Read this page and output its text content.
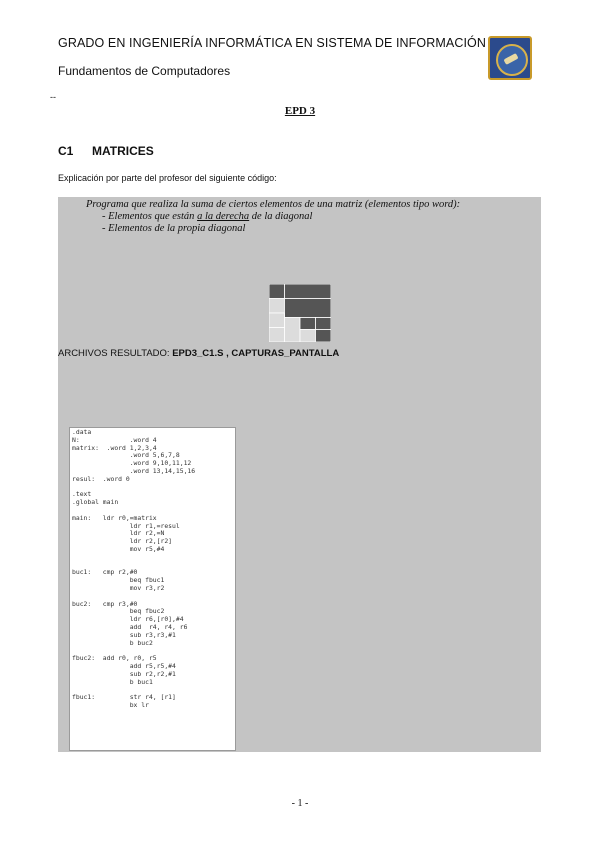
GRADO EN INGENIERÍA INFORMÁTICA EN SISTEMA DE INFORMACIÓN
Fundamentos de Computadores
--
EPD 3
C1 MATRICES
Explicación por parte del profesor del siguiente código:
Programa que realiza la suma de ciertos elementos de una matriz (elementos tipo word):
- Elementos que están a la derecha de la diagonal
- Elementos de la propia diagonal
ARCHIVOS RESULTADO: EPD3_C1.S , CAPTURAS_PANTALLA
.data
N:             .word 4
matrix:  .word 1,2,3,4
.word 5,6,7,8
.word 9,10,11,12
.word 13,14,15,16
resul:  .word 0

.text
.global main

main:   ldr r0,=matrix
ldr r1,=resul
ldr r2,=N
ldr r2,[r2]
mov r5,#4

buc1:   cmp r2,#0
beq fbuc1
mov r3,r2

buc2:   cmp r3,#0
beq fbuc2
ldr r6,[r0],#4
add  r4, r4, r6
sub r3,r3,#1
b buc2

fbuc2:  add r0, r0, r5
add r5,r5,#4
sub r2,r2,#1
b buc1

fbuc1:         str r4, [r1]
bx lr
- 1 -
